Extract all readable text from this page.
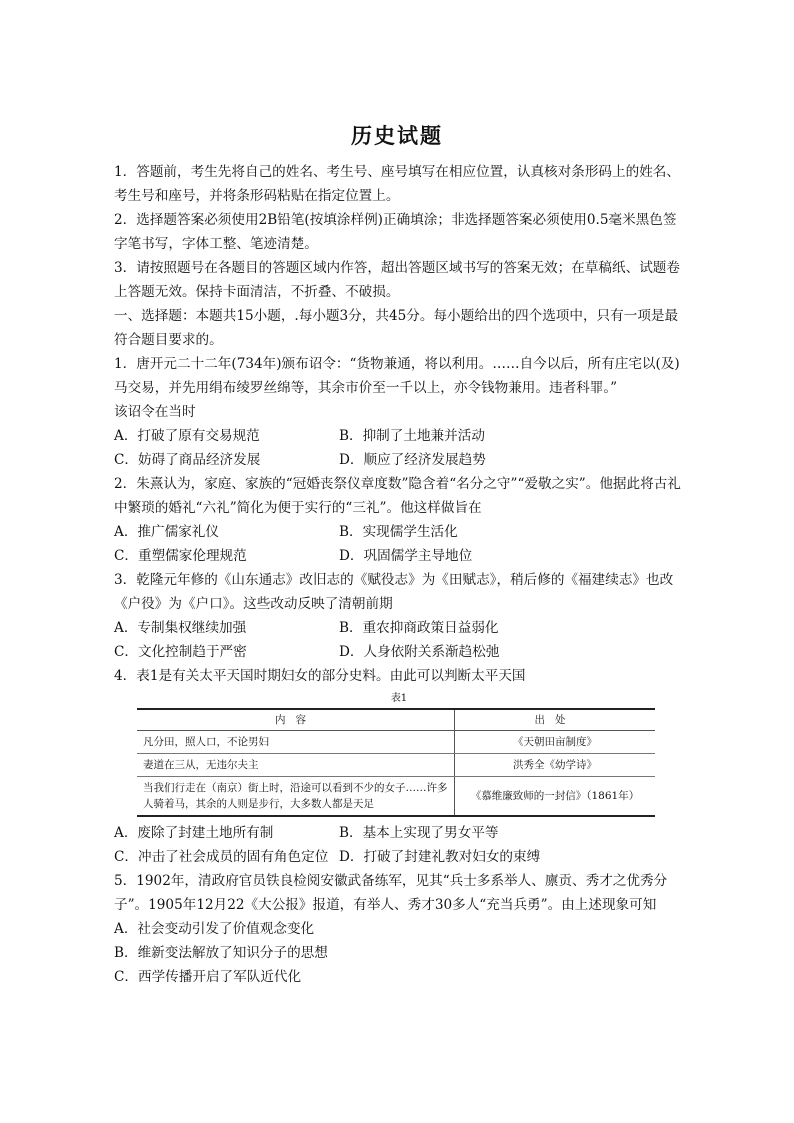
历史试题

1．答题前，考生先将自己的姓名、考生号、座号填写在相应位置，认真核对条形码上的姓名、考生号和座号，并将条形码粘贴在指定位置上。

2．选择题答案必须使用2B铅笔(按填涂样例)正确填涂；非选择题答案必须使用0.5毫米黑色签字笔书写，字体工整、笔迹清楚。

3．请按照题号在各题目的答题区域内作答，超出答题区域书写的答案无效；在草稿纸、试题卷上答题无效。保持卡面清洁，不折叠、不破损。

一、选择题：本题共15小题，.每小题3分，共45分。每小题给出的四个选项中，只有一项是最符合题目要求的。

1．唐开元二十二年(734年)颁布诏令：“货物兼通，将以利用。……自今以后，所有庄宅以(及)马交易，并先用绢布绫罗丝绵等，其余市价至一千以上，亦令钱物兼用。违者科罪。”

该诏令在当时

A．打破了原有交易规范	B．抑制了土地兼并活动
C．妨碍了商品经济发展	D．顺应了经济发展趋势

2．朱熹认为，家庭、家族的“冠婚丧祭仪章度数”隐含着“名分之守”“爱敬之实”。他据此将古礼中繁琐的婚礼“六礼”简化为便于实行的“三礼”。他这样做旨在

A．推广儒家礼仪	B．实现儒学生活化
C．重塑儒家伦理规范	D．巩固儒学主导地位

3．乾隆元年修的《山东通志》改旧志的《赋役志》为《田赋志》，稍后修的《福建续志》也改《户役》为《户口》。这些改动反映了清朝前期

A．专制集权继续加强	B．重农抑商政策日益弱化
C．文化控制趋于严密	D．人身依附关系渐趋松弛

4．表1是有关太平天国时期妇女的部分史料。由此可以判断太平天国

表1
内容	出处
凡分田，照人口，不论男妇	《天朝田亩制度》
妻道在三从，无违尔夫主	洪秀全《幼学诗》
当我们行走在（南京）街上时，沿途可以看到不少的女子……许多人骑着马，其余的人则是步行，大多数人都是天足	《慕维廉致师的一封信》（1861年）
A．废除了封建土地所有制	B．基本上实现了男女平等
C．冲击了社会成员的固有角色定位 D．打破了封建礼教对妇女的束缚

5．1902年，清政府官员铁良检阅安徽武备练军，见其“兵士多系举人、廪贡、秀才之优秀分子”。1905年12月22《大公报》报道，有举人、秀才30多人“充当兵勇”。由上述现象可知

A．社会变动引发了价值观念变化

B．维新变法解放了知识分子的思想

C．西学传播开启了军队近代化
